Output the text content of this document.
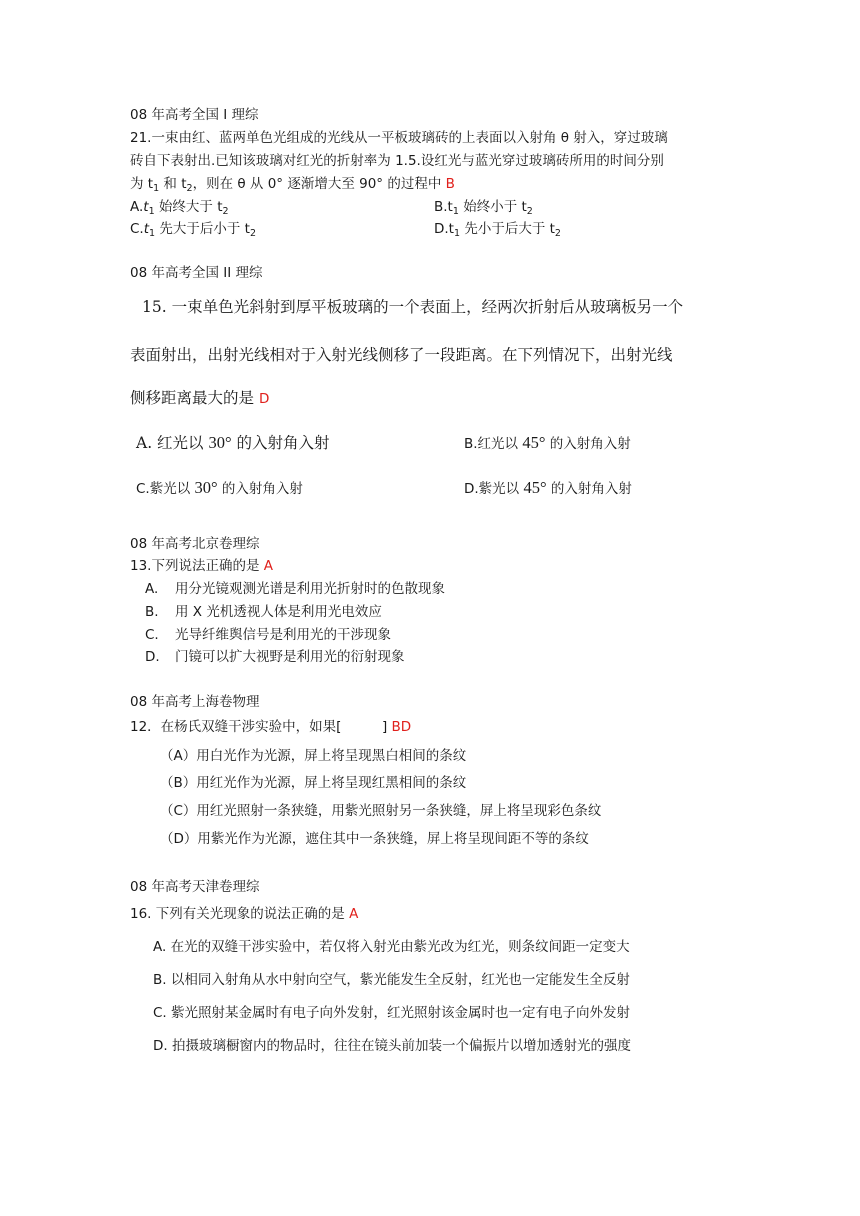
08 年高考全国 I 理综
21.一束由红、蓝两单色光组成的光线从一平板玻璃砖的上表面以入射角 θ 射入，穿过玻璃
砖自下表射出.已知该玻璃对红光的折射率为 1.5.设红光与蓝光穿过玻璃砖所用的时间分别
为 $t_1$ 和 $t_2$，则在 θ 从 0° 逐渐增大至 90° 的过程中 B
$A.t_1$ 始终大于 $t_2$	$B.t_1$ 始终小于 $t_2$
$C.t_1$ 先大于后小于 $t_2$	$D.t_1$ 先小于后大于 $t_2$
08 年高考全国 II 理综
15. 一束单色光斜射到厚平板玻璃的一个表面上，经两次折射后从玻璃板另一个
表面射出，出射光线相对于入射光线侧移了一段距离。在下列情况下，出射光线
侧移距离最大的是 D
A. 红光以 30° 的入射角入射	B.红光以 45° 的入射角入射
C.紫光以 30° 的入射角入射	D.紫光以 45° 的入射角入射
08 年高考北京卷理综
13.下列说法正确的是 A
A. 用分光镜观测光谱是利用光折射时的色散现象
B. 用 X 光机透视人体是利用光电效应
C. 光导纤维舆信号是利用光的干涉现象
D. 门镜可以扩大视野是利用光的衍射现象
08 年高考上海卷物理
12．在杨氏双缝干涉实验中，如果[　　　] BD
（A）用白光作为光源，屏上将呈现黑白相间的条纹
（B）用红光作为光源，屏上将呈现红黑相间的条纹
（C）用红光照射一条狭缝，用紫光照射另一条狭缝，屏上将呈现彩色条纹
（D）用紫光作为光源，遮住其中一条狭缝，屏上将呈现间距不等的条纹
08 年高考天津卷理综
16. 下列有关光现象的说法正确的是 A
A. 在光的双缝干涉实验中，若仅将入射光由紫光改为红光，则条纹间距一定变大
B. 以相同入射角从水中射向空气，紫光能发生全反射，红光也一定能发生全反射
C. 紫光照射某金属时有电子向外发射，红光照射该金属时也一定有电子向外发射
D. 拍摄玻璃橱窗内的物品时，往往在镜头前加装一个偏振片以增加透射光的强度
